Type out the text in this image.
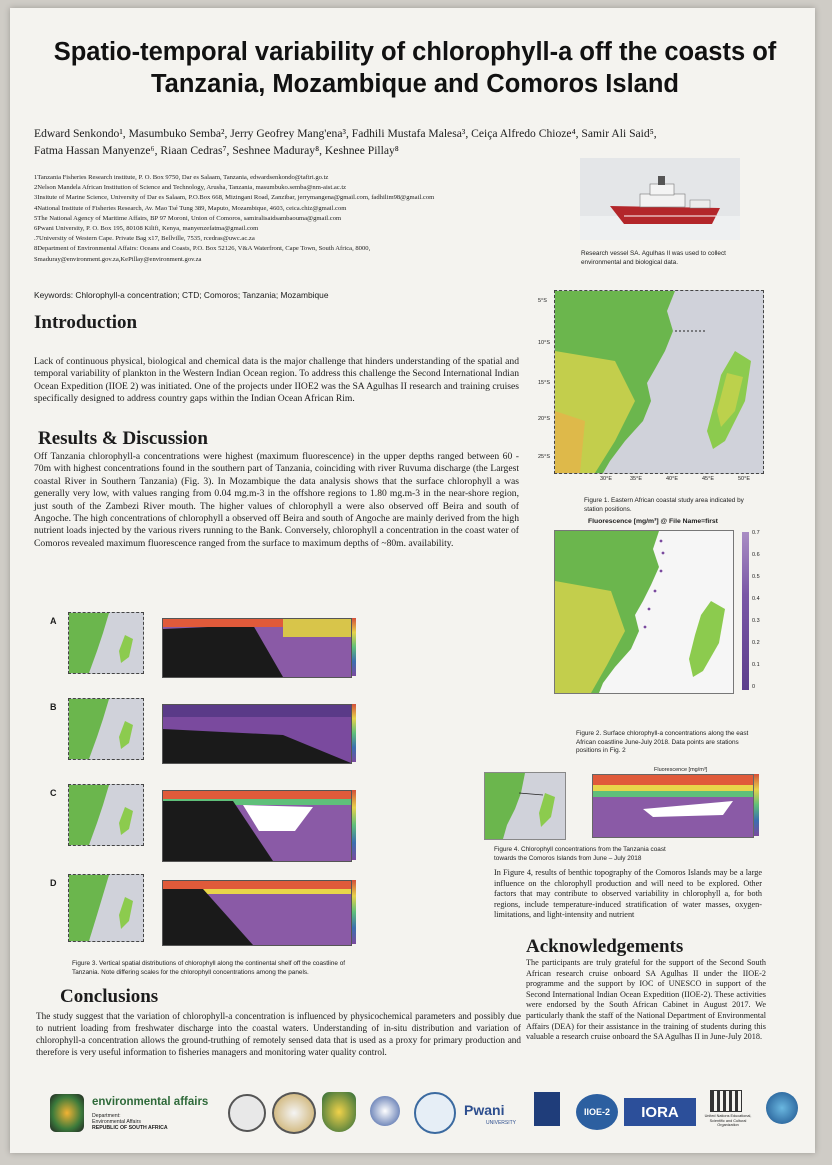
Spatio-temporal variability of chlorophyll-a off the coasts of Tanzania, Mozambique and Comoros Island
Edward Senkondo¹, Masumbuko Semba², Jerry Geofrey Mang'ena³, Fadhili Mustafa Malesa³, Ceiça Alfredo Chioze⁴, Samir Ali Said⁵,
Fatma Hassan Manyenze⁶, Riaan Cedras⁷, Seshnee Maduray⁸, Keshnee Pillay⁸
1Tanzania Fisheries Research institute, P. O. Box 9750, Dar es Salaam, Tanzania, edwardsenkondo@tafiri.go.tz
2Nelson Mandela African Institution of Science and Technology, Arusha, Tanzania, masumbuko.semba@nm-aist.ac.tz
3Insitute of Marine Science, University of Dar es Salaam, P.O.Box 668, Mizingani Road, Zanzibar, jerrymangena@gmail.com, fadhilim98@gmail.com
4National Institute of Fisheries Research, Av. Mao Tsé Tung 389, Maputo, Mozambique, 4603, ceica.chiz@gmail.com
5The National Agency of Maritime Affairs, BP 97 Moroni, Union of Comoros, samiralisaidsambaouma@gmail.com
6Pwani University, P. O. Box 195, 80108 Kilifi, Kenya, manyenzefatma@gmail.com
.7University of Western Cape. Private Bag x17, Bellville, 7535, rcedras@uwc.ac.za
8Department of Environmental Affairs: Oceans and Coasts, P.O. Box 52126, V&A Waterfront, Cape Town, South Africa, 8000,
Smaduray@environment.gov.za,KePillay@environment.gov.za
Research vessel SA. Agulhas II was used to collect environmental and biological data.
Keywords: Chlorophyll-a concentration; CTD; Comoros; Tanzania; Mozambique
Introduction
Lack of continuous physical, biological and chemical data is the major challenge that hinders understanding of the spatial and temporal variability of plankton in the Western Indian Ocean region. To address this challenge the Second International Indian Ocean Expedition (IIOE 2) was initiated. One of the projects under IIOE2 was the SA Agulhas II research and training cruises specifically designed to address country gaps within the Indian Ocean African Rim.
Results & Discussion
Off Tanzania chlorophyll-a concentrations were highest (maximum fluorescence) in the upper depths ranged between 60 - 70m with highest concentrations found in the southern part of Tanzania, coinciding with river Ruvuma discharge (the Largest coastal River in Southern Tanzania) (Fig. 3). In Mozambique the data analysis shows that the surface chlorophyll a was generally very low, with values ranging from 0.04 mg.m-3 in the offshore regions to 1.80 mg.m-3 in the near-shore region, just south of the Zambezi River mouth. The higher values of chlorophyll a were also observed off Beira and south of Angoche. The high concentrations of chlorophyll a observed off Beira and south of Angoche are mainly derived from the high nutrient loads injected by the various rivers running to the Bank. Conversely, chlorophyll a concentration in the coast water of Comoros revealed maximum fluorescence ranged from the surface to maximum depths of ~80m. availability.
5°S
10°S
15°S
20°S
25°S
30°E	35°E	40°E	45°E	50°E
Figure 1. Eastern African coastal study area indicated by station positions.
Fluorescence [mg/m³] @ File Name=first
0.7
0.6
0.5
0.4
0.3
0.2
0.1
0
Figure 2. Surface chlorophyll-a concentrations along the east African coastline June-July 2018. Data points are stations positions in Fig. 2
Fluorescence [mg/m³]
Figure 4. Chlorophyll concentrations from the Tanzania coast towards the Comoros Islands from June – July 2018
In Figure 4, results of benthic topography of the Comoros Islands may be a large influence on the chlorophyll production and will need to be explored. Other factors that may contribute to observed variability in chlorophyll a, for both regions, include temperature-induced stratification of water masses, oxygen-limitations, and light-intensity and nutrient
Acknowledgements
The participants are truly grateful for the support of the Second South African research cruise onboard SA Agulhas II under the IIOE-2 programme and the support by IOC of UNESCO in support of the Second International Indian Ocean Expedition (IIOE-2). These activities were endorsed by the South African Cabinet in August 2017. We particularly thank the staff of the National Department of Environmental Affairs (DEA) for their assistance in the training of students during this valuable a research cruise onboard the SA Agulhas II in June-July 2018.
A
B
C
D
Figure 3. Vertical spatial distributions of chlorophyll along the continental shelf off the coastline of Tanzania. Note differing scales for the chlorophyll concentrations among the panels.
Conclusions
The study suggest that the variation of chlorophyll-a concentration is influenced by physicochemical parameters and possibly due to nutrient loading from freshwater discharge into the coastal waters. Understanding of in-situ distribution and variation of chlorophyll-a concentration allows the ground-truthing of remotely sensed data that is used as a proxy for primary production and therefore is very useful information to fisheries managers and monitoring water quality control.
environmental affairs
Department:
Environmental Affairs
REPUBLIC OF SOUTH AFRICA
Pwani
UNIVERSITY
IIOE-2	IORA	United Nations Educational, Scientific and Cultural Organization
